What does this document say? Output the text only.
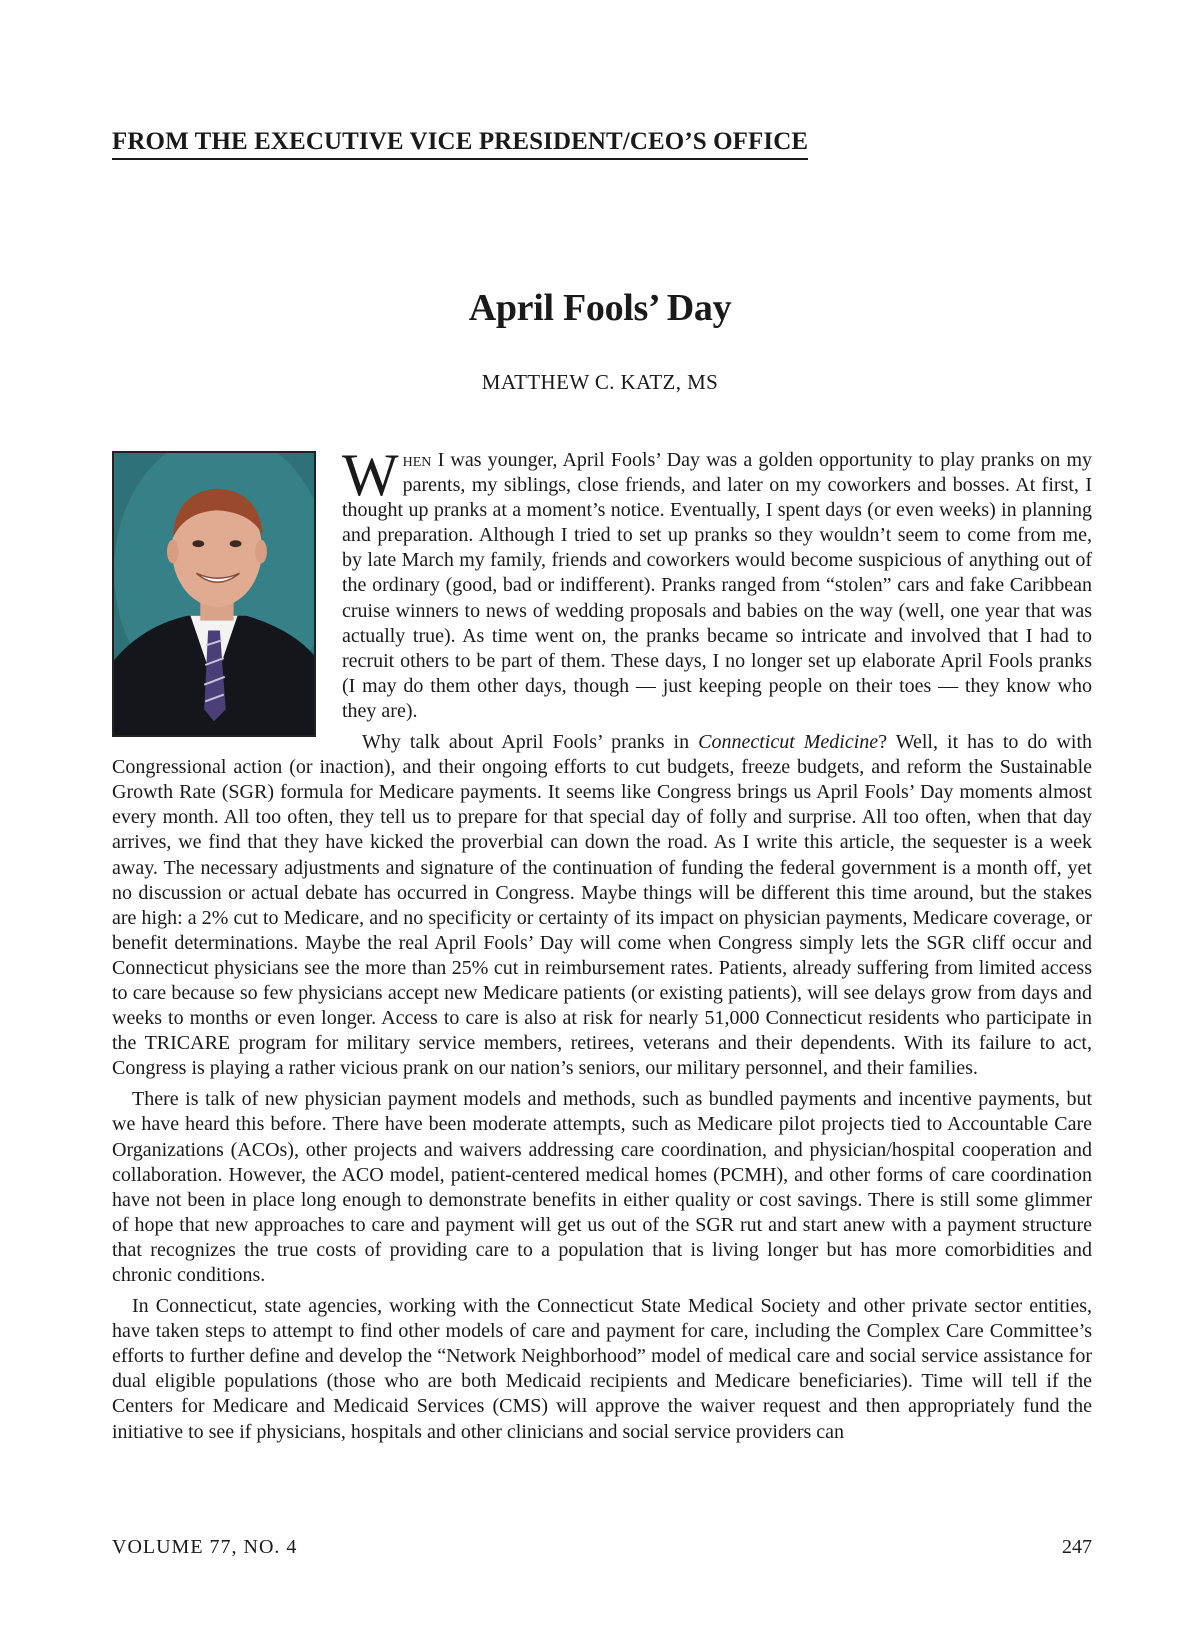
FROM THE EXECUTIVE VICE PRESIDENT/CEO’S OFFICE
April Fools’ Day
MATTHEW C. KATZ, MS

When I was younger, April Fools’ Day was a golden opportunity to play pranks on my parents, my siblings, close friends, and later on my coworkers and bosses. At first, I thought up pranks at a moment’s notice. Eventually, I spent days (or even weeks) in planning and preparation. Although I tried to set up pranks so they wouldn’t seem to come from me, by late March my family, friends and coworkers would become suspicious of anything out of the ordinary (good, bad or indifferent). Pranks ranged from “stolen” cars and fake Caribbean cruise winners to news of wedding proposals and babies on the way (well, one year that was actually true). As time went on, the pranks became so intricate and involved that I had to recruit others to be part of them. These days, I no longer set up elaborate April Fools pranks (I may do them other days, though — just keeping people on their toes — they know who they are).

Why talk about April Fools’ pranks in Connecticut Medicine? Well, it has to do with Congressional action (or inaction), and their ongoing efforts to cut budgets, freeze budgets, and reform the Sustainable Growth Rate (SGR) formula for Medicare payments. It seems like Congress brings us April Fools’ Day moments almost every month. All too often, they tell us to prepare for that special day of folly and surprise. All too often, when that day arrives, we find that they have kicked the proverbial can down the road. As I write this article, the sequester is a week away. The necessary adjustments and signature of the continuation of funding the federal government is a month off, yet no discussion or actual debate has occurred in Congress. Maybe things will be different this time around, but the stakes are high: a 2% cut to Medicare, and no specificity or certainty of its impact on physician payments, Medicare coverage, or benefit determinations. Maybe the real April Fools’ Day will come when Congress simply lets the SGR cliff occur and Connecticut physicians see the more than 25% cut in reimbursement rates. Patients, already suffering from limited access to care because so few physicians accept new Medicare patients (or existing patients), will see delays grow from days and weeks to months or even longer. Access to care is also at risk for nearly 51,000 Connecticut residents who participate in the TRICARE program for military service members, retirees, veterans and their dependents. With its failure to act, Congress is playing a rather vicious prank on our nation’s seniors, our military personnel, and their families.

There is talk of new physician payment models and methods, such as bundled payments and incentive payments, but we have heard this before. There have been moderate attempts, such as Medicare pilot projects tied to Accountable Care Organizations (ACOs), other projects and waivers addressing care coordination, and physician/hospital cooperation and collaboration. However, the ACO model, patient-centered medical homes (PCMH), and other forms of care coordination have not been in place long enough to demonstrate benefits in either quality or cost savings. There is still some glimmer of hope that new approaches to care and payment will get us out of the SGR rut and start anew with a payment structure that recognizes the true costs of providing care to a population that is living longer but has more comorbidities and chronic conditions.

In Connecticut, state agencies, working with the Connecticut State Medical Society and other private sector entities, have taken steps to attempt to find other models of care and payment for care, including the Complex Care Committee’s efforts to further define and develop the “Network Neighborhood” model of medical care and social service assistance for dual eligible populations (those who are both Medicaid recipients and Medicare beneficiaries). Time will tell if the Centers for Medicare and Medicaid Services (CMS) will approve the waiver request and then appropriately fund the initiative to see if physicians, hospitals and other clinicians and social service providers can

VOLUME 77, NO. 4	247
